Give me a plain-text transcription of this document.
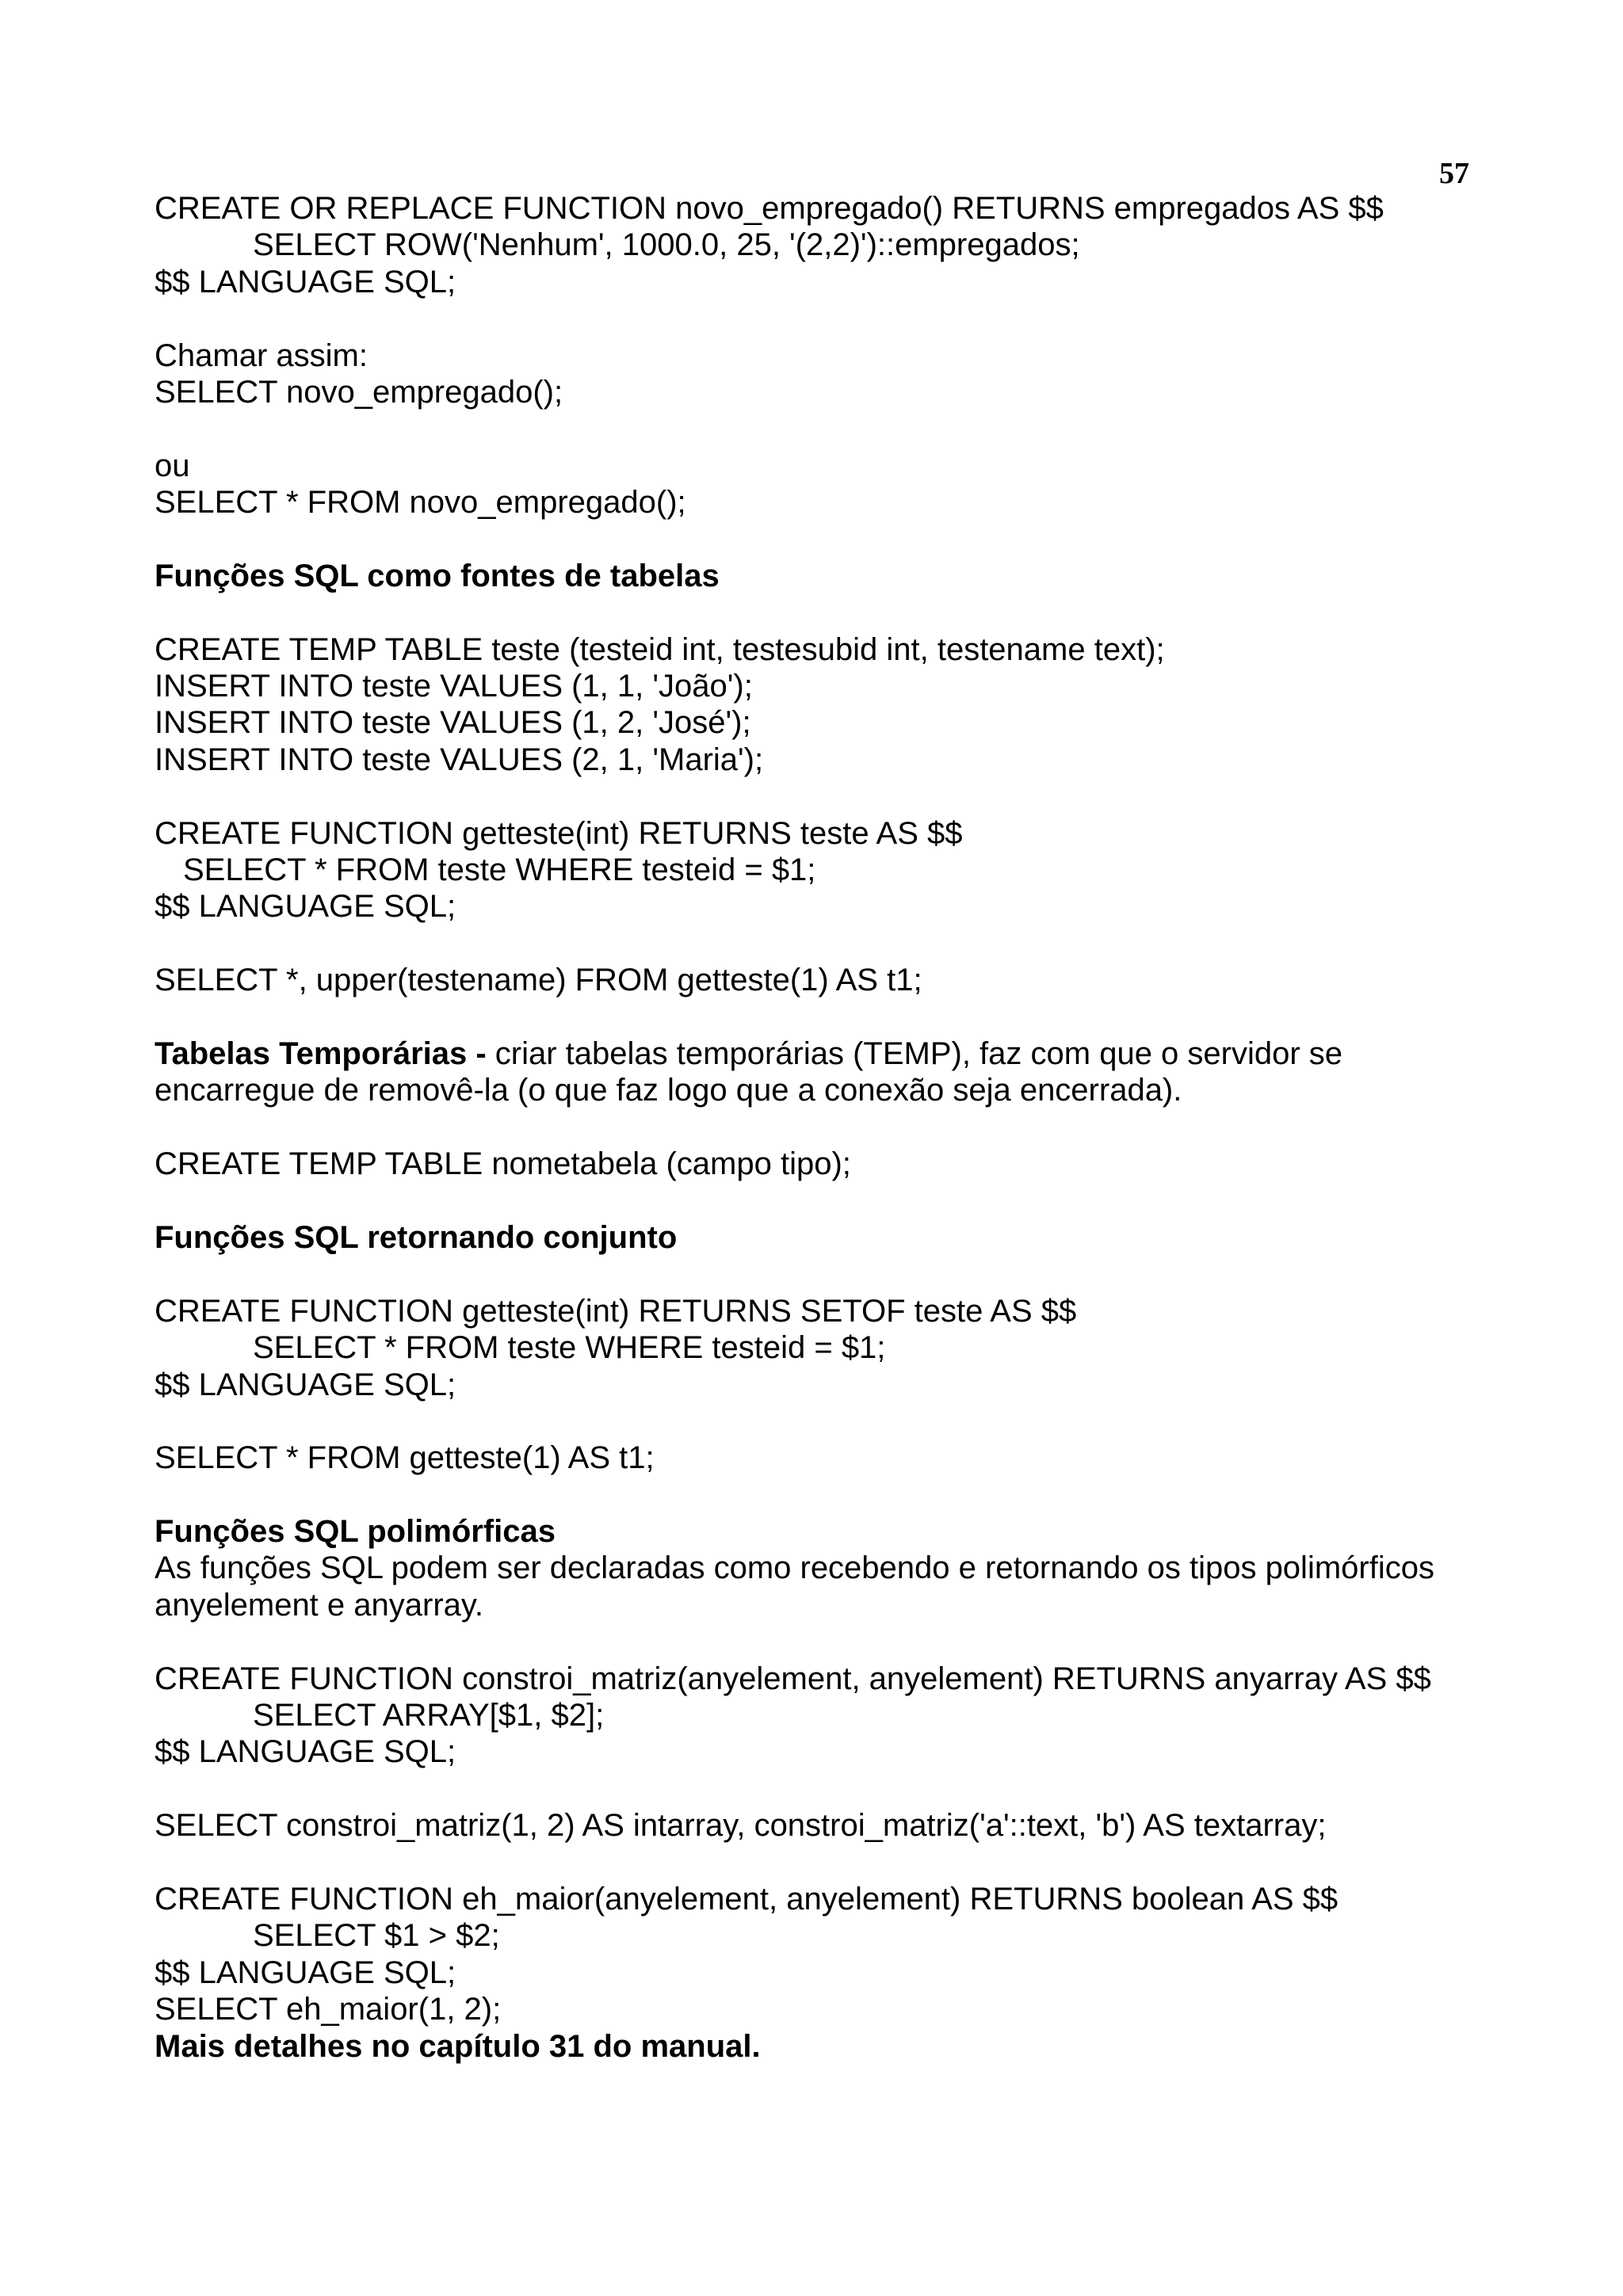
57
CREATE OR REPLACE FUNCTION novo_empregado() RETURNS empregados AS $$
SELECT ROW('Nenhum', 1000.0, 25, '(2,2)')::empregados;
$$ LANGUAGE SQL;
Chamar assim:
SELECT novo_empregado();
ou
SELECT * FROM novo_empregado();
Funções SQL como fontes de tabelas
CREATE TEMP TABLE teste (testeid int, testesubid int, testename text);
INSERT INTO teste VALUES (1, 1, 'João');
INSERT INTO teste VALUES (1, 2, 'José');
INSERT INTO teste VALUES (2, 1, 'Maria');
CREATE FUNCTION getteste(int) RETURNS teste AS $$
SELECT * FROM teste WHERE testeid = $1;
$$ LANGUAGE SQL;
SELECT *, upper(testename) FROM getteste(1) AS t1;
Tabelas Temporárias - criar tabelas temporárias (TEMP), faz com que o servidor se
encarregue de removê-la (o que faz logo que a conexão seja encerrada).
CREATE TEMP TABLE nometabela (campo tipo);
Funções SQL retornando conjunto
CREATE FUNCTION getteste(int) RETURNS SETOF teste AS $$
SELECT * FROM teste WHERE testeid = $1;
$$ LANGUAGE SQL;
SELECT * FROM getteste(1) AS t1;
Funções SQL polimórficas
As funções SQL podem ser declaradas como recebendo e retornando os tipos polimórficos
anyelement e anyarray.
CREATE FUNCTION constroi_matriz(anyelement, anyelement) RETURNS anyarray AS $$
SELECT ARRAY[$1, $2];
$$ LANGUAGE SQL;
SELECT constroi_matriz(1, 2) AS intarray, constroi_matriz('a'::text, 'b') AS textarray;
CREATE FUNCTION eh_maior(anyelement, anyelement) RETURNS boolean AS $$
SELECT $1 > $2;
$$ LANGUAGE SQL;
SELECT eh_maior(1, 2);
Mais detalhes no capítulo 31 do manual.
